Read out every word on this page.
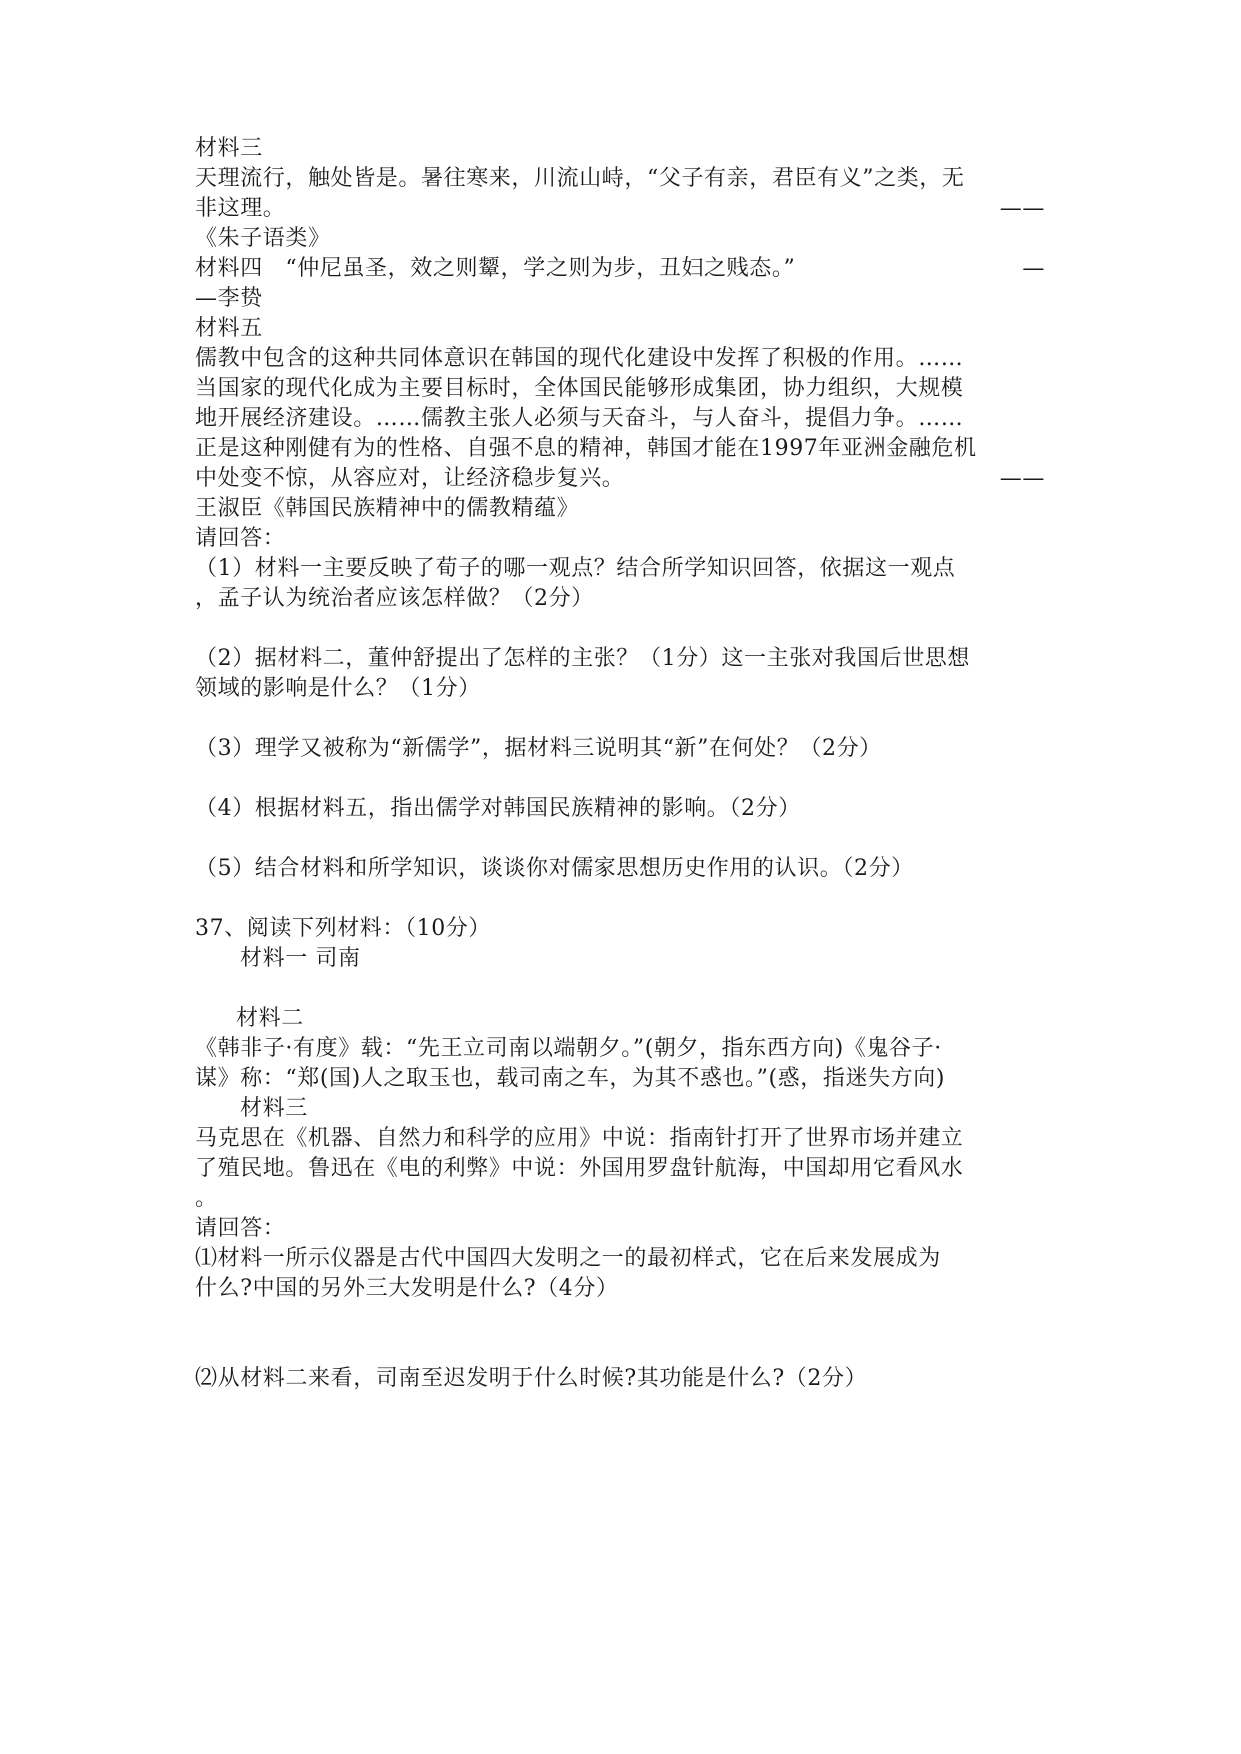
材料三
天理流行，触处皆是。暑往寒来，川流山峙，“父子有亲，君臣有义”之类，无
非这理。	——
《朱子语类》
材料四　“仲尼虽圣，效之则颦，学之则为步，丑妇之贱态。”	—
—李贽
材料五
儒教中包含的这种共同体意识在韩国的现代化建设中发挥了积极的作用。……
当国家的现代化成为主要目标时，全体国民能够形成集团，协力组织，大规模
地开展经济建设。……儒教主张人必须与天奋斗，与人奋斗，提倡力争。……
正是这种刚健有为的性格、自强不息的精神，韩国才能在1997年亚洲金融危机
中处变不惊，从容应对，让经济稳步复兴。	——
王淑臣《韩国民族精神中的儒教精蕴》
请回答：
（1）材料一主要反映了荀子的哪一观点？结合所学知识回答，依据这一观点
，孟子认为统治者应该怎样做？（2分）
（2）据材料二，董仲舒提出了怎样的主张？（1分）这一主张对我国后世思想
领域的影响是什么？（1分）
（3）理学又被称为“新儒学”，据材料三说明其“新”在何处？（2分）
（4）根据材料五，指出儒学对韩国民族精神的影响。（2分）
（5）结合材料和所学知识，谈谈你对儒家思想历史作用的认识。（2分）
37、阅读下列材料：（10分）
材料一 司南
材料二
《韩非子·有度》载：“先王立司南以端朝夕。”(朝夕，指东西方向)《鬼谷子·
谋》称：“郑(国)人之取玉也，载司南之车，为其不惑也。”(惑，指迷失方向)
材料三
马克思在《机器、自然力和科学的应用》中说：指南针打开了世界市场并建立
了殖民地。鲁迅在《电的利弊》中说：外国用罗盘针航海，中国却用它看风水
。
请回答：
⑴材料一所示仪器是古代中国四大发明之一的最初样式，它在后来发展成为
什么?中国的另外三大发明是什么?（4分）
⑵从材料二来看，司南至迟发明于什么时候?其功能是什么?（2分）
